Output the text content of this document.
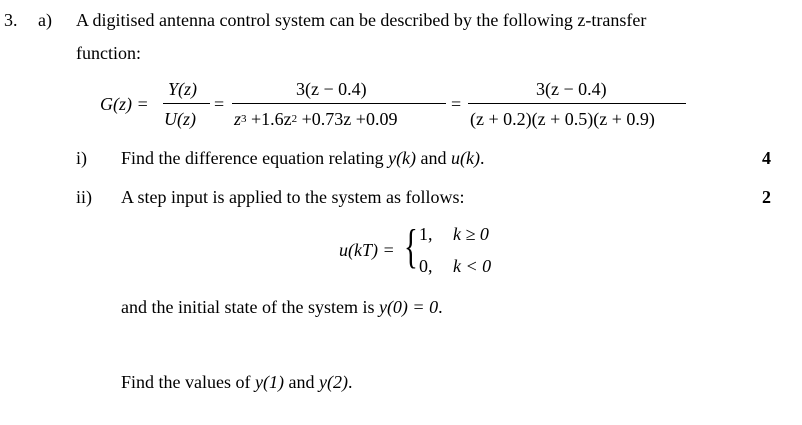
3. a) A digitised antenna control system can be described by the following z-transfer
function:
G(z) =
Y(z)
U(z)
=
3(z − 0.4)
$z^3 +1.6z^2 +0.73z +0.09$
=
3(z − 0.4)
(z + 0.2)(z + 0.5)(z + 0.9)
i) Find the difference equation relating y(k) and u(k).	4
ii) A step input is applied to the system as follows:	2
u(kT) = { 1, k ≥ 0
0, k < 0
and the initial state of the system is y(0) = 0.
Find the values of y(1) and y(2).
